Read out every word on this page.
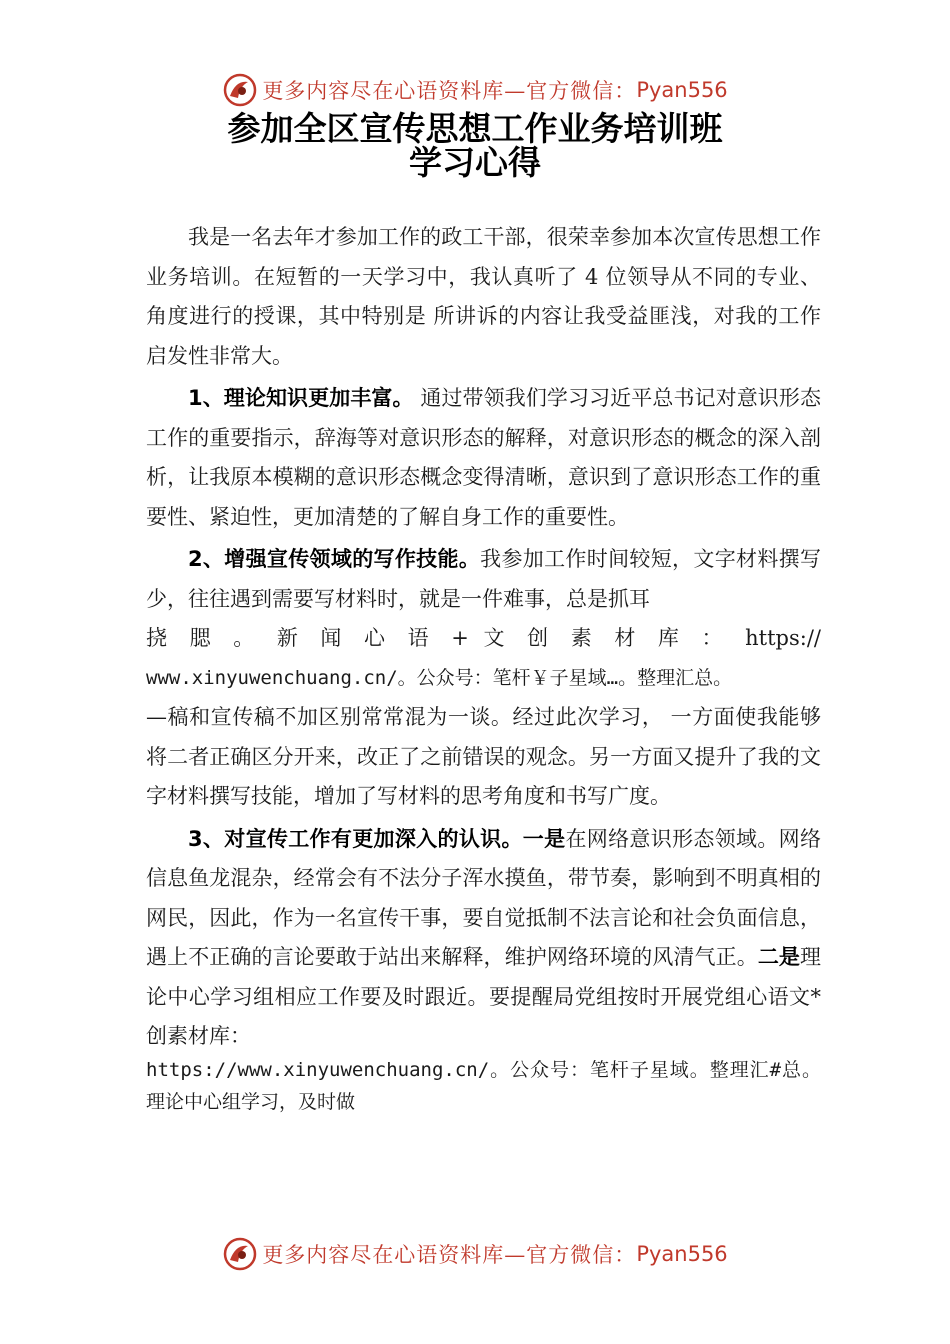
更多内容尽在心语资料库—官方微信： Pyan556
参加全区宣传思想工作业务培训班
学习心得

我是一名去年才参加工作的政工干部，很荣幸参加本次宣传思想工作业务培训。在短暂的一天学习中，我认真听了 4 位领导从不同的专业、角度进行的授课，其中特别是 所讲诉的内容让我受益匪浅，对我的工作启发性非常大。

1、理论知识更加丰富。 通过带领我们学习习近平总书记对意识形态工作的重要指示，辞海等对意识形态的解释，对意识形态的概念的深入剖析，让我原本模糊的意识形态概念变得清晰，意识到了意识形态工作的重要性、紧迫性，更加清楚的了解自身工作的重要性。

2、增强宣传领域的写作技能。我参加工作时间较短，文字材料撰写少，往往遇到需要写材料时，就是一件难事，总是抓耳
挠 腮 。 新 闻 心 语 + 文 创 素 材 库 ： https://
www.xinyuwenchuang.cn/。公众号：笔杆￥子星域…。整理汇总。
—稿和宣传稿不加区别常常混为一谈。经过此次学习， 一方面使我能够将二者正确区分开来，改正了之前错误的观念。另一方面又提升了我的文字材料撰写技能，增加了写材料的思考角度和书写广度。

3、对宣传工作有更加深入的认识。一是在网络意识形态领域。网络信息鱼龙混杂，经常会有不法分子浑水摸鱼，带节奏，影响到不明真相的网民，因此，作为一名宣传干事，要自觉抵制不法言论和社会负面信息，遇上不正确的言论要敢于站出来解释，维护网络环境的风清气正。二是理论中心学习组相应工作要及时跟近。要提醒局党组按时开展党组心语文*创素材库：

https://www.xinyuwenchuang.cn/。公众号：笔杆子星域。整理汇#总。理论中心组学习，及时做

更多内容尽在心语资料库—官方微信： Pyan556
